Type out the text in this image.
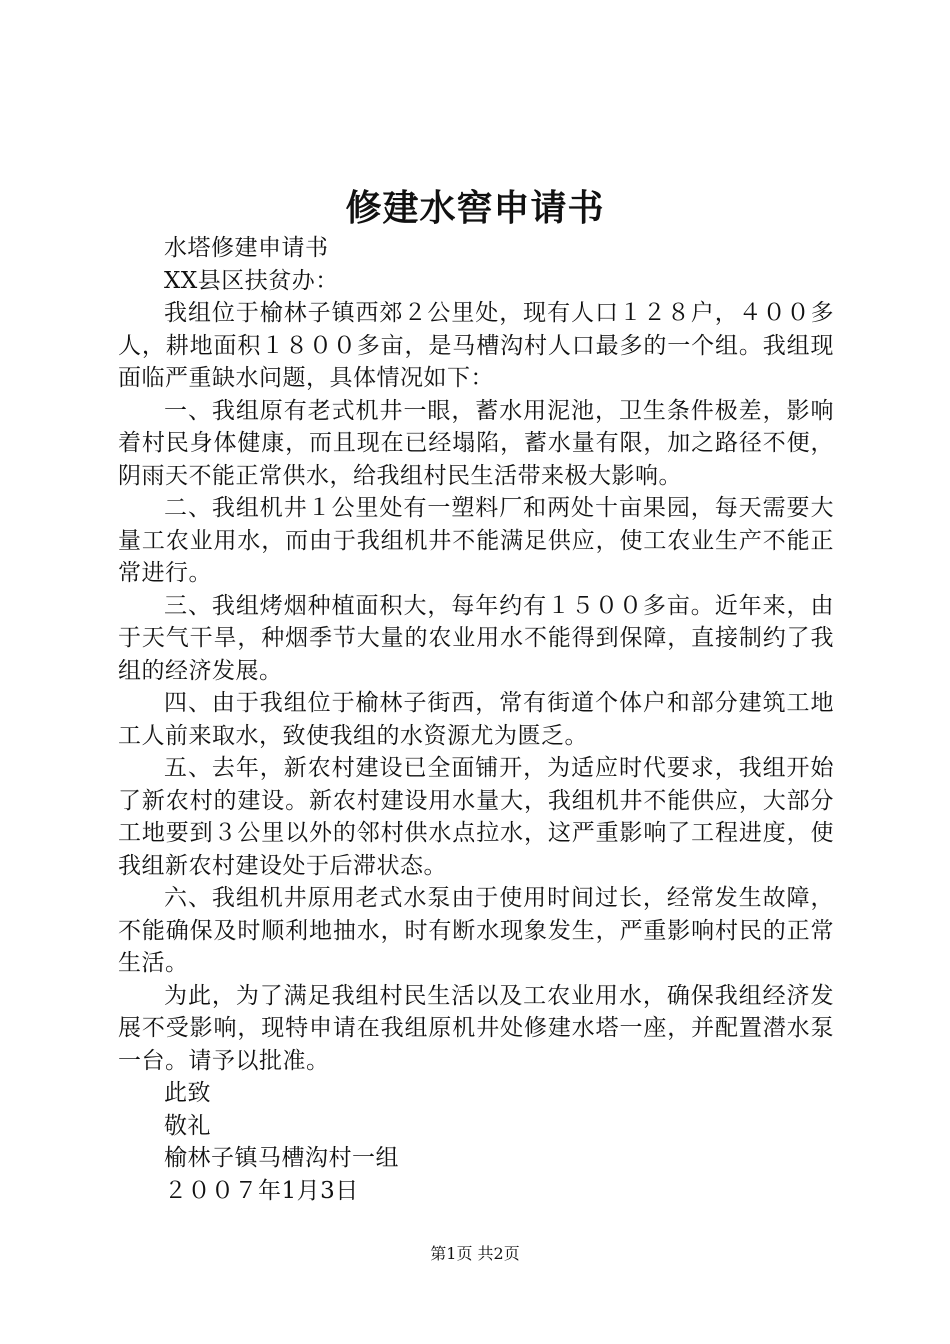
修建水窖申请书

水塔修建申请书

XX县区扶贫办：

我组位于榆林子镇西郊２公里处，现有人口１２８户，４００多人，耕地面积１８００多亩，是马槽沟村人口最多的一个组。我组现面临严重缺水问题，具体情况如下：

一、我组原有老式机井一眼，蓄水用泥池，卫生条件极差，影响着村民身体健康，而且现在已经塌陷，蓄水量有限，加之路径不便，阴雨天不能正常供水，给我组村民生活带来极大影响。

二、我组机井１公里处有一塑料厂和两处十亩果园，每天需要大量工农业用水，而由于我组机井不能满足供应，使工农业生产不能正常进行。

三、我组烤烟种植面积大，每年约有１５００多亩。近年来，由于天气干旱，种烟季节大量的农业用水不能得到保障，直接制约了我组的经济发展。

四、由于我组位于榆林子街西，常有街道个体户和部分建筑工地工人前来取水，致使我组的水资源尤为匮乏。

五、去年，新农村建设已全面铺开，为适应时代要求，我组开始了新农村的建设。新农村建设用水量大，我组机井不能供应，大部分工地要到３公里以外的邻村供水点拉水，这严重影响了工程进度，使我组新农村建设处于后滞状态。

六、我组机井原用老式水泵由于使用时间过长，经常发生故障，不能确保及时顺利地抽水，时有断水现象发生，严重影响村民的正常生活。

为此，为了满足我组村民生活以及工农业用水，确保我组经济发展不受影响，现特申请在我组原机井处修建水塔一座，并配置潜水泵一台。请予以批准。

此致

敬礼

榆林子镇马槽沟村一组

２００７年1月3日

第1页 共2页
